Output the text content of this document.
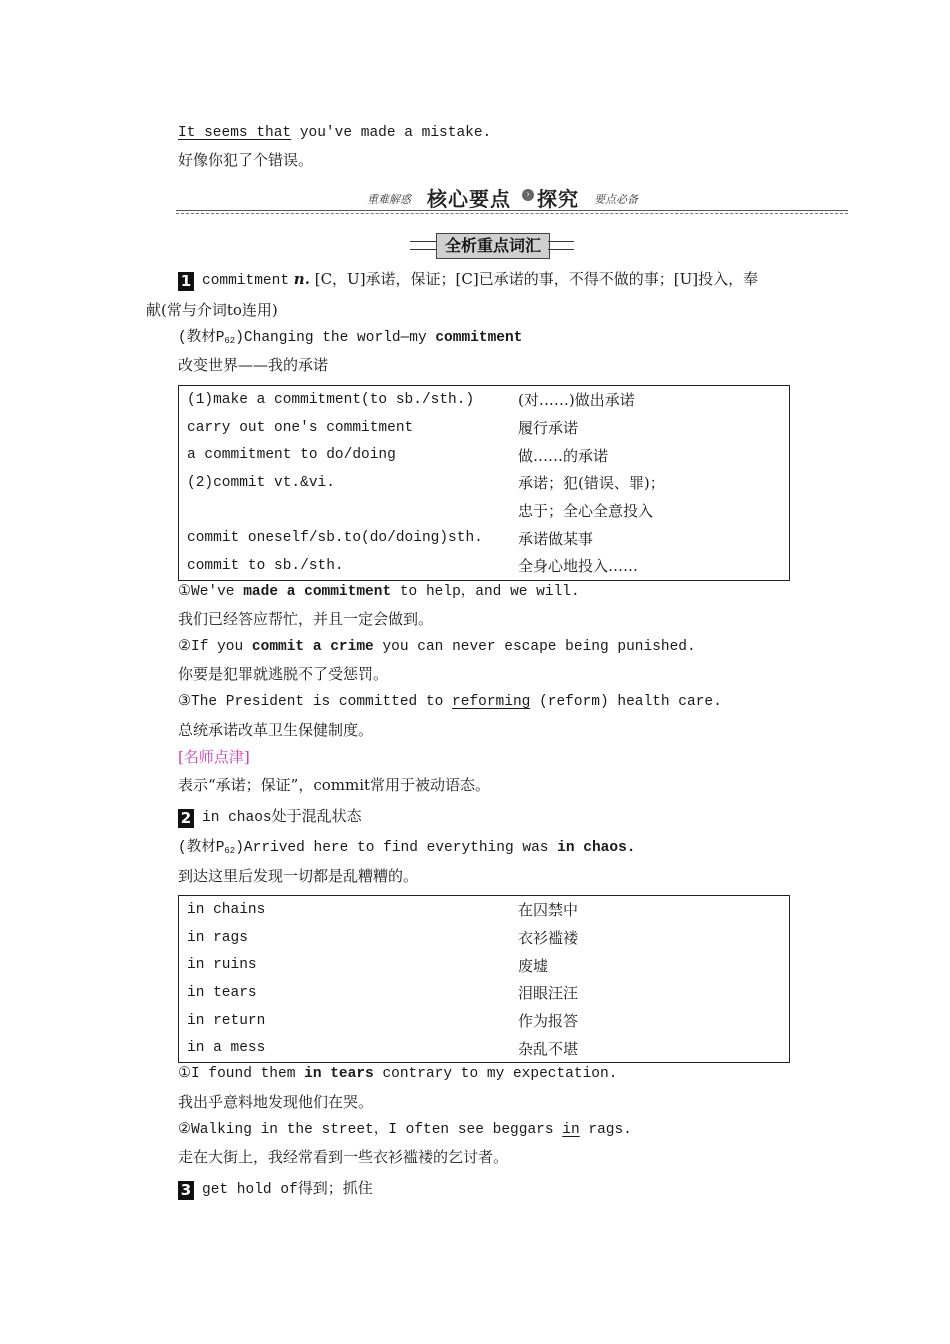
It seems that you've made a mistake.
好像你犯了个错误。
重难解惑 核心要点	› 探究 要点必备
全析重点词汇
1 commitment n. [C，U]承诺，保证；[C]已承诺的事，不得不做的事；[U]投入，奉
献(常与介词to连用)
(教材$P_{62})Changing$ the world—my commitment
改变世界——我的承诺
(1)make a commitment(to sb./sth.)	(对……)做出承诺
carry out one's commitment	履行承诺
a commitment to do/doing	做……的承诺
(2)commit vt.&vi.	承诺；犯(错误、罪)；
	忠于；全心全意投入
commit oneself/sb.to(do/doing)sth.	承诺做某事
commit to sb./sth.	全身心地投入……
①We've made a commitment to help，and we will.
我们已经答应帮忙，并且一定会做到。
②If you commit a crime you can never escape being punished.
你要是犯罪就逃脱不了受惩罚。
③The President is committed to reforming (reform) health care.
总统承诺改革卫生保健制度。
[名师点津]
表示“承诺；保证”，commit常用于被动语态。
2 in chaos处于混乱状态
(教材$P_{62})Arrived$ here to find everything was in chaos.
到达这里后发现一切都是乱糟糟的。
in chains	在囚禁中
in rags	衣衫褴褛
in ruins	废墟
in tears	泪眼汪汪
in return	作为报答
in a mess	杂乱不堪
①I found them in tears contrary to my expectation.
我出乎意料地发现他们在哭。
②Walking in the street，I often see beggars in rags.
走在大街上，我经常看到一些衣衫褴褛的乞讨者。
3 get hold of得到；抓住
